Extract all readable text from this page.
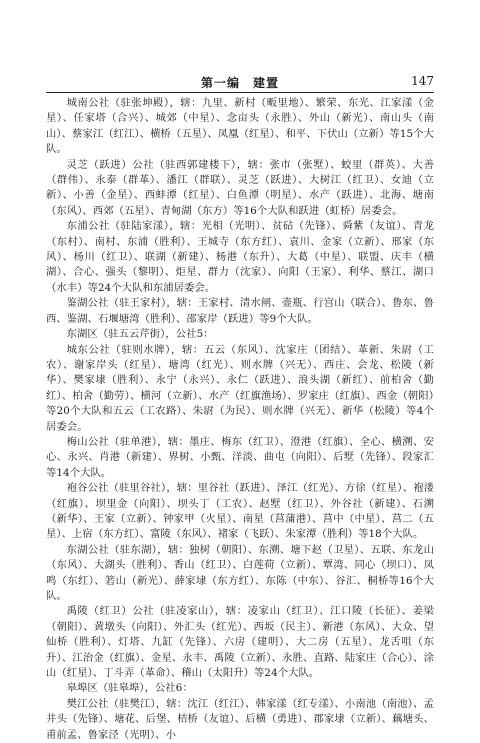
第一编　建置	147

城南公社（驻张坤殿），辖：九里、新村（畈里地）、繁荣、东光、江家漾（金星）、任家塔（合兴）、城郊（中星）、念亩头（永胜）、外山（新光）、南山头（南山）、蔡家江（红江）、横桥（五星）、凤凰（红星）、和平、下伏山（立新）等15个大队。

灵芝（跃进）公社（驻西郭建楼下），辖：张市（张墅）、蛟里（群英）、大善（群伟）、永泰（群革）、潘江（群联）、灵芝（跃进）、大树江（红卫）、女迪（立新）、小善（金星）、西蚌潭（红星）、白鱼潭（明星）、水产（跃进）、北海、塘南（东风）、西郊（五星）、青甸湖（东方）等16个大队和跃进（虹桥）居委会。

东浦公社（驻陆家漾），辖：光相（光明）、贫砧（先锋）、舜紫（友谊）、青龙（东村）、南村、东浦（胜利）、王城寺（东方红）、袁川、金家（立新）、邢家（东风）、杨川（红卫）、联湖（新建）、杨港（东升）、大葛（中星）、联盟、庆丰（横湖）、合心、强头（黎明）、炬星、群力（沈家）、向阳（王家）、利华、蔡江、湖口（水丰）等24个大队和东浦居委会。

鉴湖公社（驻王家村），辖：王家村、清水闸、壶瓶、行宫山（联合）、鲁东、鲁西、鉴湖、石堰塘湾（胜利）、邵家岸（跃进）等9个大队。

东湖区（驻五云芹街），公社5：

城东公社（驻则水牌），辖：五云（东风）、沈家庄（团结）、革新、朱尉（工农）、谢家岸头（红星）、塘湾（红光）、则水牌（兴无）、西庄、会龙、松陵（新华）、樊家埭（胜利）、永宁（永兴）、永仁（跃进）、浪头湖（新红）、前柏舍（勤红）、柏舍（勤劳）、横河（立新）、水产（红旗渔场）、罗家庄（红旗）、西金（朝阳）等20个大队和五云（工农路）、朱尉（为民）、则水牌（兴无）、新华（松陵）等4个居委会。

梅山公社（驻单港），辖：墨庄、梅东（红卫）、澄港（红旗）、全心、横溯、安心、永兴、肖港（新建）、界树、小甄、洋淡、曲屯（向阳）、后墅（先锋）、段家汇等14个大队。

袍谷公社（驻里谷社），辖：里谷社（跃进）、泽江（红光）、方徐（红星）、袍溇（红旗）、坝里金（向阳）、坝头丁（工农）、赵墅（红卫）、外谷社（新建）、石溯（新华）、王家（立新）、钟家甲（火星）、南星（莒蒲港）、莒中（中星）、莒二（五星）、上宿（东方红）、富陵（东风）、褚家（飞跃）、朱家潭（胜利）等18个大队。

东湖公社（驻东湖），辖：独树（朝阳）、东溯、塘下赵（卫星）、五联、东龙山（东风）、大湖头（胜利）、香山（红卫）、白莲荷（立新）、覃湾、同心（坝口）、凤鸣（东红）、箬山（新光）、薛家埭（东方红）、东陈（中东）、谷汇、桐桥等16个大队。

禹陵（红卫）公社（驻凌家山），辖：凌家山（红卫）、江口陵（长征）、姜梁（朝阳）、黄墩头（向阳）、外汇头（红光）、西坂（民主）、新港（东风）、大众、望仙桥（胜利）、灯塔、九缸（先锋）、六房（建明）、大二房（五星）、龙舌咀（东升）、江治金（红旗）、金星、永丰、禹陵（立新）、永胜、直路、陆家庄（合心）、涂山（红星）、丁斗弄（革命）、稽山（太阳升）等24个大队。

皋埠区（驻皋埠），公社6：

樊江公社（驻樊江），辖：沈江（红江）、韩家漾（红专漾）、小南池（南池）、孟井头（先锋）、塘花、后堡、桔桥（友谊）、后横（勇进）、郡家埭（立新）、藕塘头、甫前孟、鲁家泾（光明）、小
